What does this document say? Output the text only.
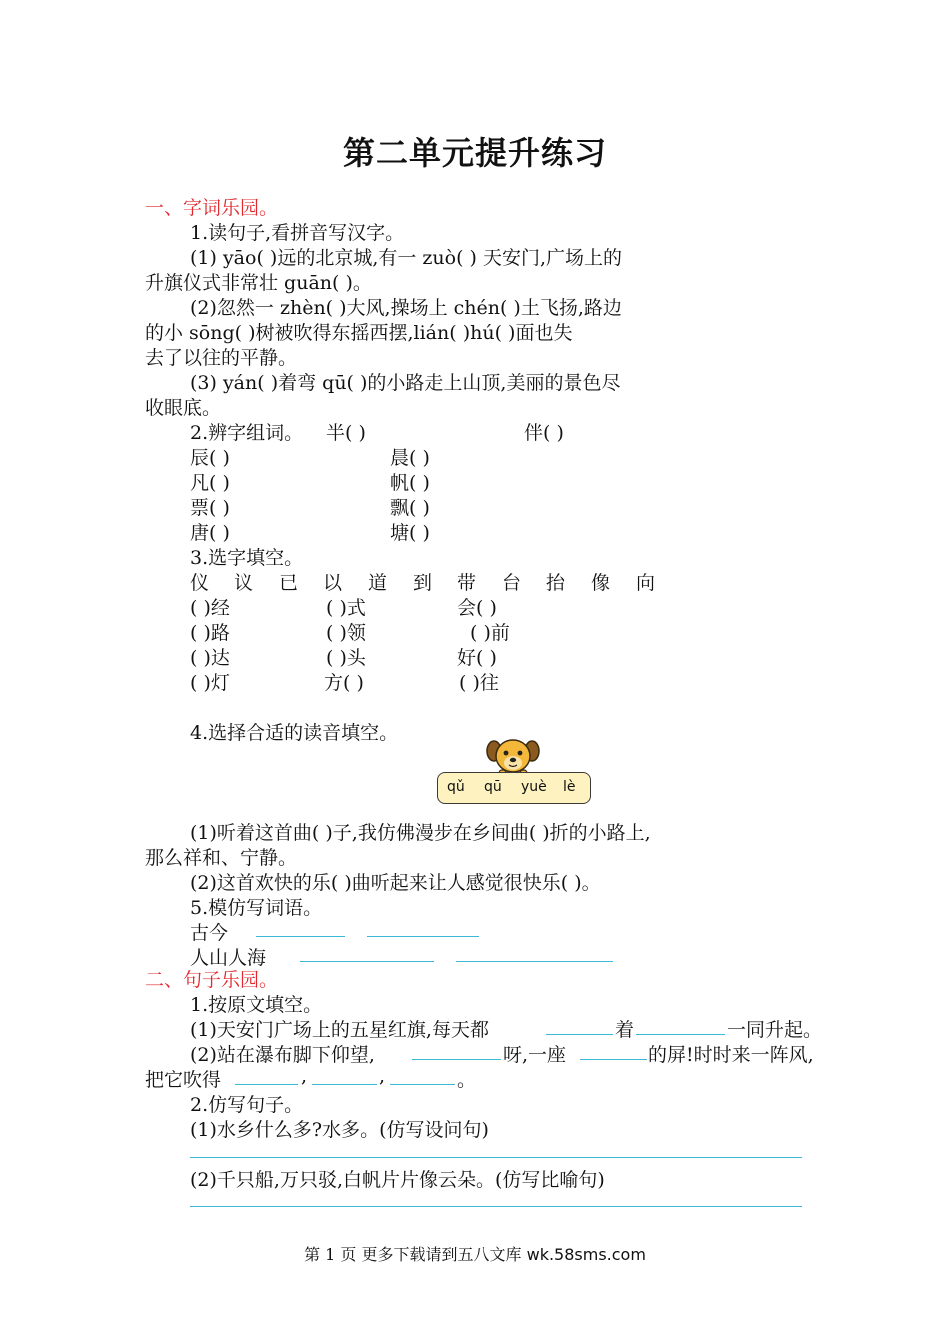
第二单元提升练习
一、字词乐园。
1.读句子,看拼音写汉字。
(1) yāo( )远的北京城,有一 zuò( ) 天安门,广场上的
升旗仪式非常壮 guān( )。
(2)忽然一 zhèn( )大风,操场上 chén( )土飞扬,路边
的小 sōng( )树被吹得东摇西摆,lián( )hú( )面也失
去了以往的平静。
(3) yán( )着弯 qū( )的小路走上山顶,美丽的景色尽
收眼底。
2.辨字组词。 半( )	伴( )
辰( )	晨( )
凡( )	帆( )
票( )	飘( )
唐( )	塘( )
3.选字填空。
仪 议 已 以 道 到 带 台 抬 像 向
( )经	( )式	会( )
( )路	( )领	( )前
( )达	( )头	好( )
( )灯	方( )	( )往
4.选择合适的读音填空。
qǔ qū yuè lè
(1)听着这首曲( )子,我仿佛漫步在乡间曲( )折的小路上,
那么祥和、宁静。
(2)这首欢快的乐( )曲听起来让人感觉很快乐( )。
5.模仿写词语。
古今
人山人海
二、句子乐园。
1.按原文填空。
(1)天安门广场上的五星红旗,每天都	着	一同升起。
(2)站在瀑布脚下仰望,	呀,一座	的屏!时时来一阵风,
把它吹得	,	,	。
2.仿写句子。
(1)水乡什么多?水多。(仿写设问句)
(2)千只船,万只驳,白帆片片像云朵。(仿写比喻句)
第 1 页 更多下载请到五八文库 wk.58sms.com
